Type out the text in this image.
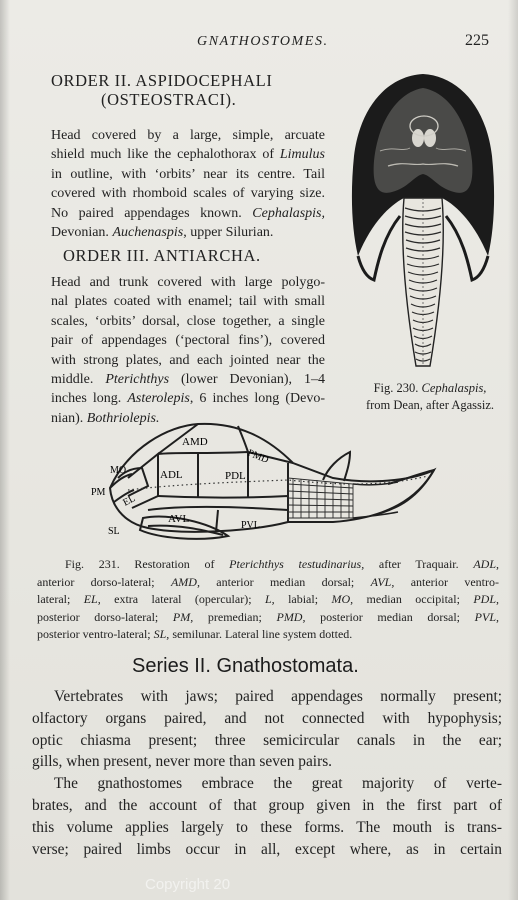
GNATHOSTOMES.	225
ORDER II. ASPIDOCEPHALI
(OSTEOSTRACI).
Head covered by a large, simple, arcuate
shield much like the cephalothorax of Limulus
in outline, with ‘orbits’ near its centre. Tail
covered with rhomboid scales of varying size.
No paired appendages known. Cephalaspis,
Devonian. Auchenaspis, upper Silurian.
ORDER III. ANTIARCHA.
Head and trunk covered with large polygo-
nal plates coated with enamel; tail with small
scales, ‘orbits’ dorsal, close together, a single
pair of appendages (‘pectoral fins’), covered
with strong plates, and each jointed near the
middle. Pterichthys (lower Devonian), 1–4
inches long. Asterolepis, 6 inches long (Devo-
nian). Bothriolepis.
Fig. 230. Cephalaspis,
from Dean, after Agassiz.
AMD
PMD
MO	ADL	PDL
PM
EL
AVL
PVL
SL
Fig. 231. Restoration of Pterichthys testudinarius, after Traquair. ADL,
anterior dorso-lateral; AMD, anterior median dorsal; AVL, anterior ventro-
lateral; EL, extra lateral (opercular); L, labial; MO, median occipital; PDL,
posterior dorso-lateral; PM, premedian; PMD, posterior median dorsal; PVL,
posterior ventro-lateral; SL, semilunar. Lateral line system dotted.
Series II. Gnathostomata.
Vertebrates with jaws; paired appendages normally present;
olfactory organs paired, and not connected with hypophysis;
optic chiasma present; three semicircular canals in the ear;
gills, when present, never more than seven pairs.
The gnathostomes embrace the great majority of verte-
brates, and the account of that group given in the first part of
this volume applies largely to these forms. The mouth is trans-
verse; paired limbs occur in all, except where, as in certain
Copyright 20
